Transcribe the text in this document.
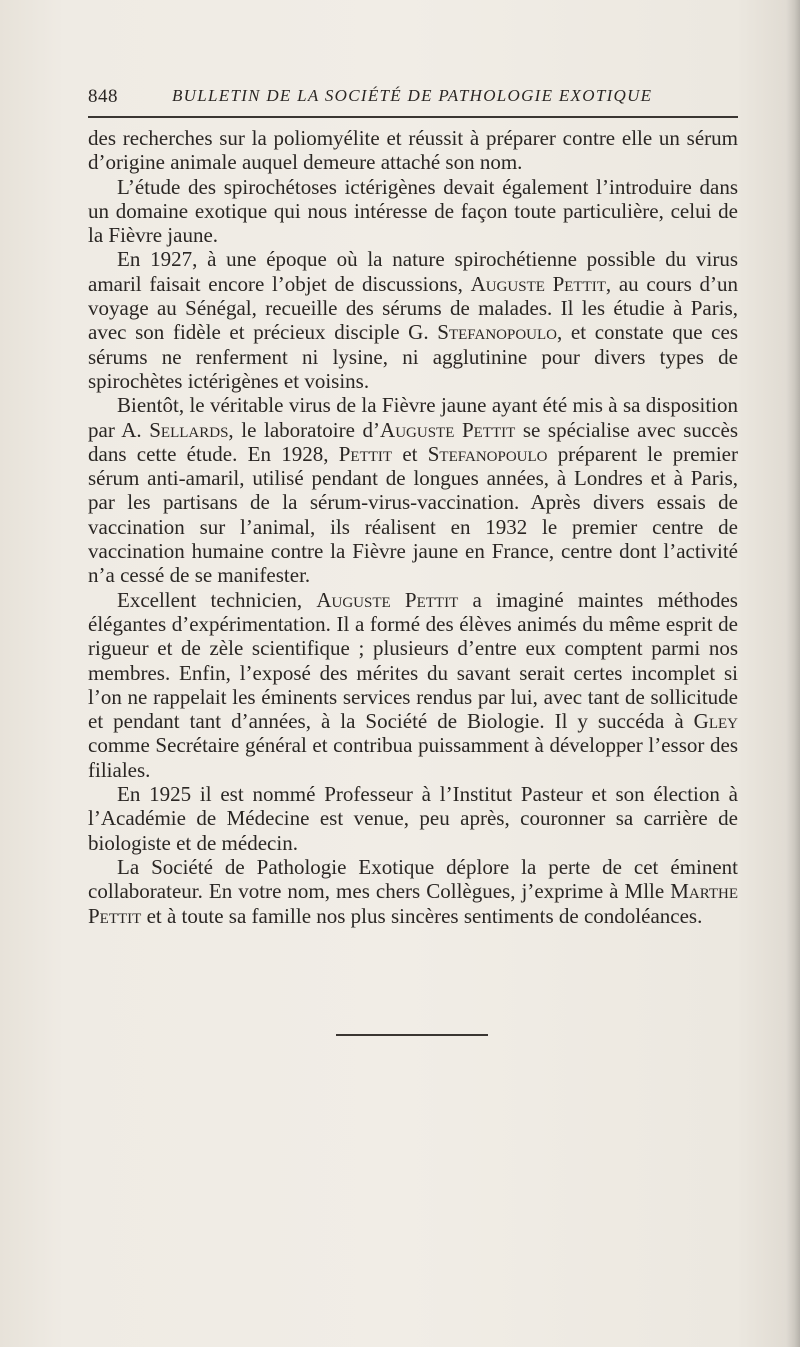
848	BULLETIN DE LA SOCIÉTÉ DE PATHOLOGIE EXOTIQUE

des recherches sur la poliomyélite et réussit à préparer contre elle un sérum d’origine animale auquel demeure attaché son nom.

L’étude des spirochétoses ictérigènes devait également l’introduire dans un domaine exotique qui nous intéresse de façon toute particulière, celui de la Fièvre jaune.

En 1927, à une époque où la nature spirochétienne possible du virus amaril faisait encore l’objet de discussions, Auguste Pettit, au cours d’un voyage au Sénégal, recueille des sérums de malades. Il les étudie à Paris, avec son fidèle et précieux disciple G. Stefanopoulo, et constate que ces sérums ne renferment ni lysine, ni agglutinine pour divers types de spirochètes ictérigènes et voisins.

Bientôt, le véritable virus de la Fièvre jaune ayant été mis à sa disposition par A. Sellards, le laboratoire d’Auguste Pettit se spécialise avec succès dans cette étude. En 1928, Pettit et Stefanopoulo préparent le premier sérum anti-amaril, utilisé pendant de longues années, à Londres et à Paris, par les partisans de la sérum-virus-vaccination. Après divers essais de vaccination sur l’animal, ils réalisent en 1932 le premier centre de vaccination humaine contre la Fièvre jaune en France, centre dont l’activité n’a cessé de se manifester.

Excellent technicien, Auguste Pettit a imaginé maintes méthodes élégantes d’expérimentation. Il a formé des élèves animés du même esprit de rigueur et de zèle scientifique ; plusieurs d’entre eux comptent parmi nos membres. Enfin, l’exposé des mérites du savant serait certes incomplet si l’on ne rappelait les éminents services rendus par lui, avec tant de sollicitude et pendant tant d’années, à la Société de Biologie. Il y succéda à Gley comme Secrétaire général et contribua puissamment à développer l’essor des filiales.

En 1925 il est nommé Professeur à l’Institut Pasteur et son élection à l’Académie de Médecine est venue, peu après, couronner sa carrière de biologiste et de médecin.

La Société de Pathologie Exotique déplore la perte de cet éminent collaborateur. En votre nom, mes chers Collègues, j’exprime à Mlle Marthe Pettit et à toute sa famille nos plus sincères sentiments de condoléances.
